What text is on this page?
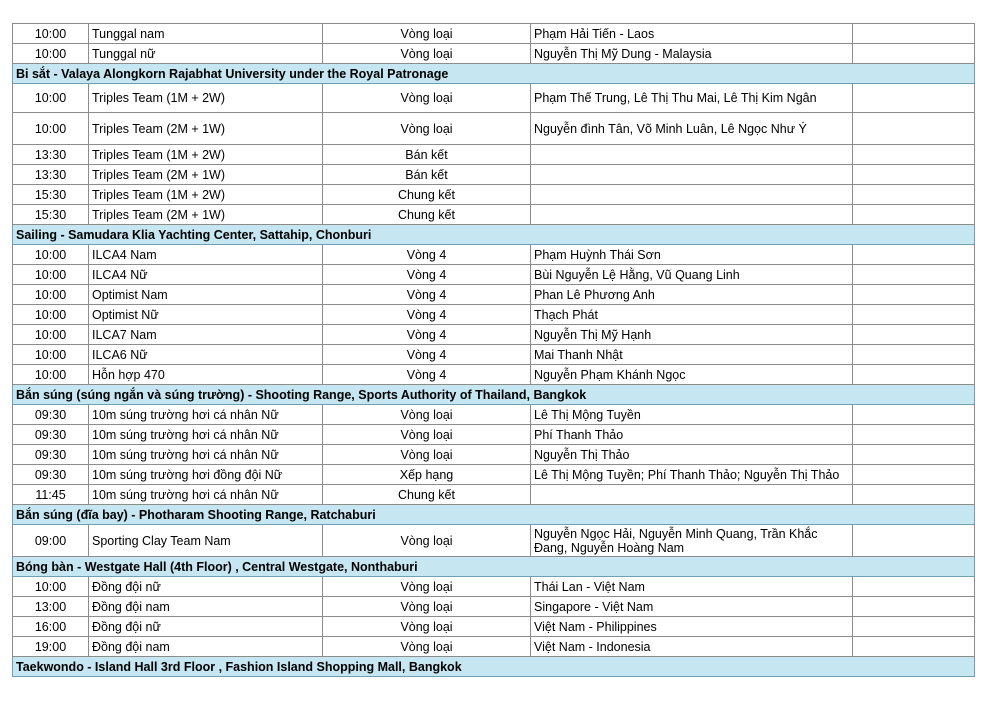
10:00	Tunggal nam	Vòng loại	Phạm Hải Tiến - Laos	
10:00	Tunggal nữ	Vòng loại	Nguyễn Thị Mỹ Dung - Malaysia	
Bi sắt - Valaya Alongkorn Rajabhat University under the Royal Patronage				
10:00	Triples Team (1M + 2W)	Vòng loại	Phạm Thế Trung, Lê Thị Thu Mai, Lê Thị Kim Ngân	
10:00	Triples Team (2M + 1W)	Vòng loại	Nguyễn đình Tân, Võ Minh Luân, Lê Ngọc Như Ý	
13:30	Triples Team (1M + 2W)	Bán kết		
13:30	Triples Team (2M + 1W)	Bán kết		
15:30	Triples Team (1M + 2W)	Chung kết		
15:30	Triples Team (2M + 1W)	Chung kết		
Sailing - Samudara Klia Yachting Center, Sattahip, Chonburi				
10:00	ILCA4 Nam	Vòng 4	Phạm Huỳnh Thái Sơn	
10:00	ILCA4 Nữ	Vòng 4	Bùi Nguyễn Lệ Hằng, Vũ Quang Linh	
10:00	Optimist Nam	Vòng 4	Phan Lê Phương Anh	
10:00	Optimist Nữ	Vòng 4	Thạch Phát	
10:00	ILCA7 Nam	Vòng 4	Nguyễn Thị Mỹ Hạnh	
10:00	ILCA6 Nữ	Vòng 4	Mai Thanh Nhật	
10:00	Hỗn hợp 470	Vòng 4	Nguyễn Phạm Khánh Ngọc	
Bắn súng (súng ngắn và súng trường) - Shooting Range, Sports Authority of Thailand, Bangkok				
09:30	10m súng trường hơi cá nhân Nữ	Vòng loại	Lê Thị Mộng Tuyền	
09:30	10m súng trường hơi cá nhân Nữ	Vòng loại	Phí Thanh Thảo	
09:30	10m súng trường hơi cá nhân Nữ	Vòng loại	Nguyễn Thị Thảo	
09:30	10m súng trường hơi đồng đội Nữ	Xếp hạng	Lê Thị Mộng Tuyền; Phí Thanh Thảo; Nguyễn Thị Thảo	
11:45	10m súng trường hơi cá nhân Nữ	Chung kết		
Bắn súng (đĩa bay) - Photharam Shooting Range, Ratchaburi				
09:00	Sporting Clay Team Nam	Vòng loại	Nguyễn Ngọc Hải, Nguyễn Minh Quang, Trần Khắc Đang, Nguyễn Hoàng Nam	
Bóng bàn - Westgate Hall (4th Floor) , Central Westgate, Nonthaburi				
10:00	Đồng đội nữ	Vòng loại	Thái Lan - Việt Nam	
13:00	Đồng đội nam	Vòng loại	Singapore - Việt Nam	
16:00	Đồng đội nữ	Vòng loại	Việt Nam - Philippines	
19:00	Đồng đội nam	Vòng loại	Việt Nam - Indonesia	
Taekwondo - Island Hall 3rd Floor , Fashion Island Shopping Mall, Bangkok				
